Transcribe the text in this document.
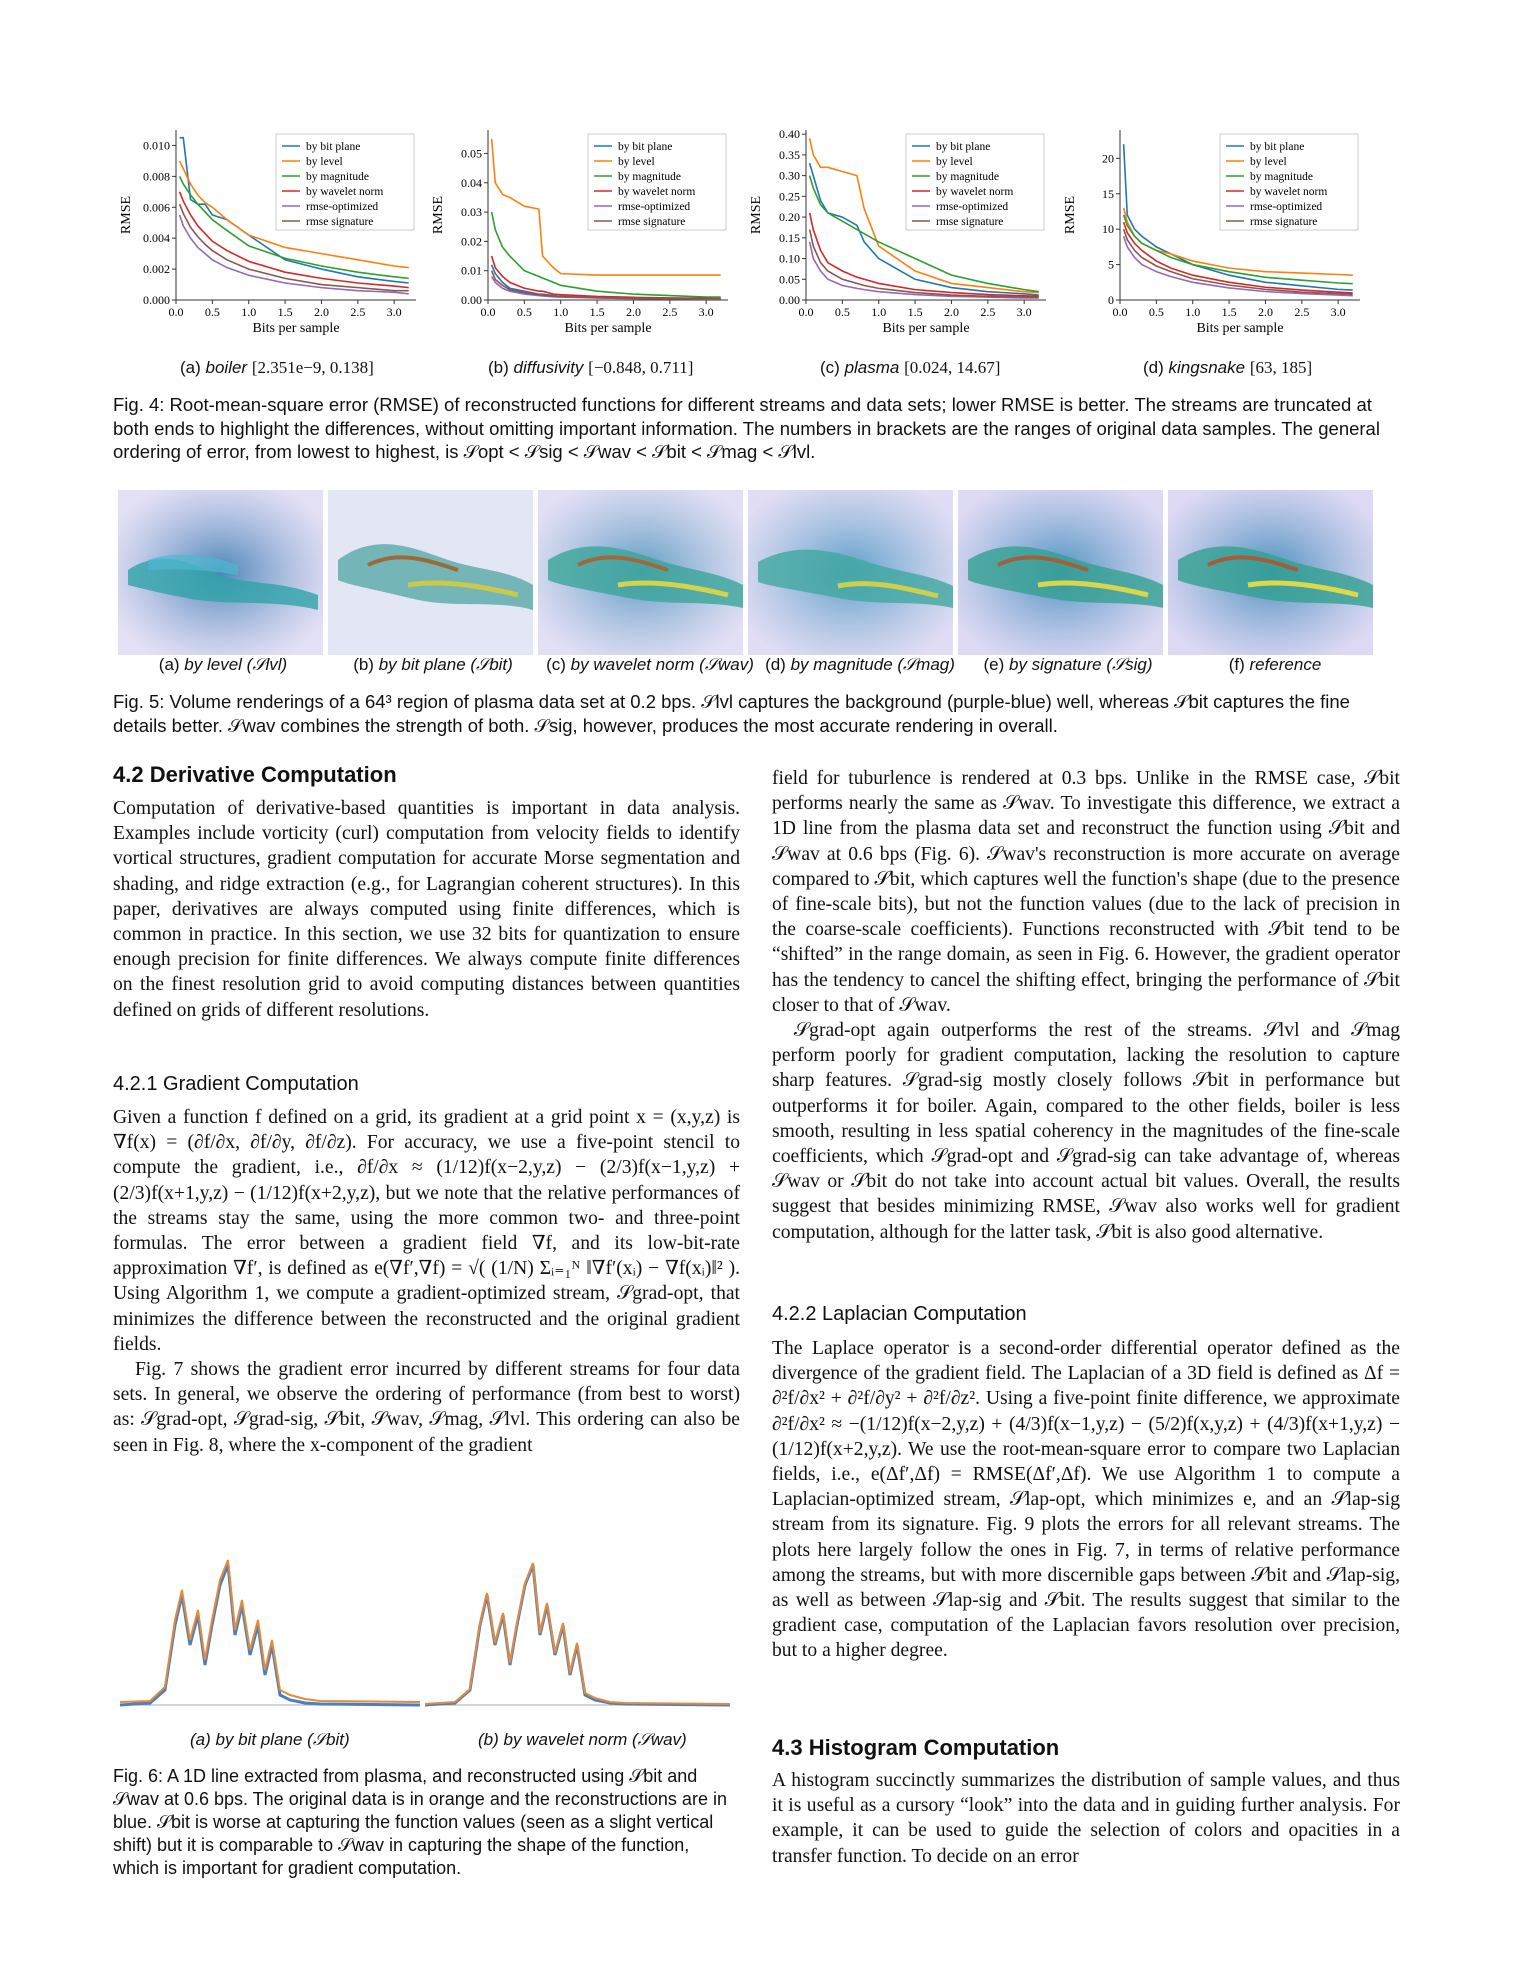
0.0 0.5 1.0 1.5 2.0 2.5 3.0
0.000
0.002
0.004
0.006
0.008
0.010
Bits per sample
RMSE
by bit plane
by level
by magnitude
by wavelet norm
rmse-optimized
rmse signature
0.0 0.5 1.0 1.5 2.0 2.5 3.0
0.00
0.01
0.02
0.03
0.04
0.05
Bits per sample
RMSE
by bit plane
by level
by magnitude
by wavelet norm
rmse-optimized
rmse signature
0.0 0.5 1.0 1.5 2.0 2.5 3.0
0.00
0.05
0.10
0.15
0.20
0.25
0.30
0.35
0.40
Bits per sample
RMSE
by bit plane
by level
by magnitude
by wavelet norm
rmse-optimized
rmse signature
0.0 0.5 1.0 1.5 2.0 2.5 3.0
0
5
10
15
20
Bits per sample
RMSE
by bit plane
by level
by magnitude
by wavelet norm
rmse-optimized
rmse signature
(a) boiler [2.351e−9, 0.138]	(b) diffusivity [−0.848, 0.711]	(c) plasma [0.024, 14.67]	(d) kingsnake [63, 185]
Fig. 4: Root-mean-square error (RMSE) of reconstructed functions for different streams and data sets; lower RMSE is better. The streams are truncated at both ends to highlight the differences, without omitting important information. The numbers in brackets are the ranges of original data samples. The general ordering of error, from lowest to highest, is 𝒮opt < 𝒮sig < 𝒮wav < 𝒮bit < 𝒮mag < 𝒮lvl.
(a) by level (𝒮lvl)	(b) by bit plane (𝒮bit)	(c) by wavelet norm (𝒮wav) (d) by magnitude (𝒮mag)	(e) by signature (𝒮sig)	(f) reference
Fig. 5: Volume renderings of a 64³ region of plasma data set at 0.2 bps. 𝒮lvl captures the background (purple-blue) well, whereas 𝒮bit captures the fine details better. 𝒮wav combines the strength of both. 𝒮sig, however, produces the most accurate rendering in overall.
4.2 Derivative Computation

Computation of derivative-based quantities is important in data analysis. Examples include vorticity (curl) computation from velocity fields to identify vortical structures, gradient computation for accurate Morse segmentation and shading, and ridge extraction (e.g., for Lagrangian coherent structures). In this paper, derivatives are always computed using finite differences, which is common in practice. In this section, we use 32 bits for quantization to ensure enough precision for finite differences. We always compute finite differences on the finest resolution grid to avoid computing distances between quantities defined on grids of different resolutions.

4.2.1 Gradient Computation

Given a function f defined on a grid, its gradient at a grid point x = (x,y,z) is ∇f(x) = (∂f/∂x, ∂f/∂y, ∂f/∂z). For accuracy, we use a five-point stencil to compute the gradient, i.e., ∂f/∂x ≈ (1/12)f(x−2,y,z) − (2/3)f(x−1,y,z) + (2/3)f(x+1,y,z) − (1/12)f(x+2,y,z), but we note that the relative performances of the streams stay the same, using the more common two- and three-point formulas. The error between a gradient field ∇f, and its low-bit-rate approximation ∇f′, is defined as e(∇f′,∇f) = √( (1/N) Σᵢ₌₁ᴺ ‖∇f′(xᵢ) − ∇f(xᵢ)‖² ). Using Algorithm 1, we compute a gradient-optimized stream, 𝒮grad-opt, that minimizes the difference between the reconstructed and the original gradient fields.

Fig. 7 shows the gradient error incurred by different streams for four data sets. In general, we observe the ordering of performance (from best to worst) as: 𝒮grad-opt, 𝒮grad-sig, 𝒮bit, 𝒮wav, 𝒮mag, 𝒮lvl. This ordering can also be seen in Fig. 8, where the x-component of the gradient

(a) by bit plane (𝒮bit)	(b) by wavelet norm (𝒮wav)
Fig. 6: A 1D line extracted from plasma, and reconstructed using 𝒮bit and 𝒮wav at 0.6 bps. The original data is in orange and the reconstructions are in blue. 𝒮bit is worse at capturing the function values (seen as a slight vertical shift) but it is comparable to 𝒮wav in capturing the shape of the function, which is important for gradient computation.

field for tuburlence is rendered at 0.3 bps. Unlike in the RMSE case, 𝒮bit performs nearly the same as 𝒮wav. To investigate this difference, we extract a 1D line from the plasma data set and reconstruct the function using 𝒮bit and 𝒮wav at 0.6 bps (Fig. 6). 𝒮wav's reconstruction is more accurate on average compared to 𝒮bit, which captures well the function's shape (due to the presence of fine-scale bits), but not the function values (due to the lack of precision in the coarse-scale coefficients). Functions reconstructed with 𝒮bit tend to be “shifted” in the range domain, as seen in Fig. 6. However, the gradient operator has the tendency to cancel the shifting effect, bringing the performance of 𝒮bit closer to that of 𝒮wav.

𝒮grad-opt again outperforms the rest of the streams. 𝒮lvl and 𝒮mag perform poorly for gradient computation, lacking the resolution to capture sharp features. 𝒮grad-sig mostly closely follows 𝒮bit in performance but outperforms it for boiler. Again, compared to the other fields, boiler is less smooth, resulting in less spatial coherency in the magnitudes of the fine-scale coefficients, which 𝒮grad-opt and 𝒮grad-sig can take advantage of, whereas 𝒮wav or 𝒮bit do not take into account actual bit values. Overall, the results suggest that besides minimizing RMSE, 𝒮wav also works well for gradient computation, although for the latter task, 𝒮bit is also good alternative.

4.2.2 Laplacian Computation

The Laplace operator is a second-order differential operator defined as the divergence of the gradient field. The Laplacian of a 3D field is defined as Δf = ∂²f/∂x² + ∂²f/∂y² + ∂²f/∂z². Using a five-point finite difference, we approximate ∂²f/∂x² ≈ −(1/12)f(x−2,y,z) + (4/3)f(x−1,y,z) − (5/2)f(x,y,z) + (4/3)f(x+1,y,z) − (1/12)f(x+2,y,z). We use the root-mean-square error to compare two Laplacian fields, i.e., e(Δf′,Δf) = RMSE(Δf′,Δf). We use Algorithm 1 to compute a Laplacian-optimized stream, 𝒮lap-opt, which minimizes e, and an 𝒮lap-sig stream from its signature. Fig. 9 plots the errors for all relevant streams. The plots here largely follow the ones in Fig. 7, in terms of relative performance among the streams, but with more discernible gaps between 𝒮bit and 𝒮lap-sig, as well as between 𝒮lap-sig and 𝒮bit. The results suggest that similar to the gradient case, computation of the Laplacian favors resolution over precision, but to a higher degree.

4.3 Histogram Computation

A histogram succinctly summarizes the distribution of sample values, and thus it is useful as a cursory “look” into the data and in guiding further analysis. For example, it can be used to guide the selection of colors and opacities in a transfer function. To decide on an error
